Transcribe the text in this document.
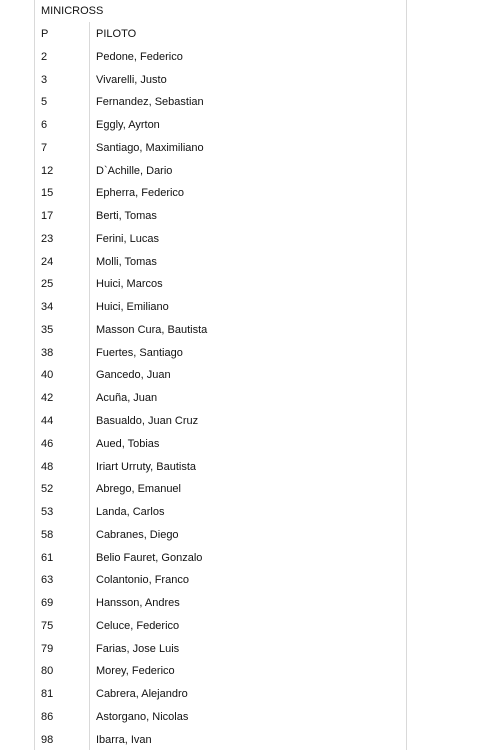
MINICROSS
P	PILOTO
2	Pedone, Federico
3	Vivarelli, Justo
5	Fernandez, Sebastian
6	Eggly, Ayrton
7	Santiago, Maximiliano
12	D`Achille, Dario
15	Epherra, Federico
17	Berti, Tomas
23	Ferini, Lucas
24	Molli, Tomas
25	Huici, Marcos
34	Huici, Emiliano
35	Masson Cura, Bautista
38	Fuertes, Santiago
40	Gancedo, Juan
42	Acuña, Juan
44	Basualdo, Juan Cruz
46	Aued, Tobias
48	Iriart Urruty, Bautista
52	Abrego, Emanuel
53	Landa, Carlos
58	Cabranes, Diego
61	Belio Fauret, Gonzalo
63	Colantonio, Franco
69	Hansson, Andres
75	Celuce, Federico
79	Farias, Jose Luis
80	Morey, Federico
81	Cabrera, Alejandro
86	Astorgano, Nicolas
98	Ibarra, Ivan
